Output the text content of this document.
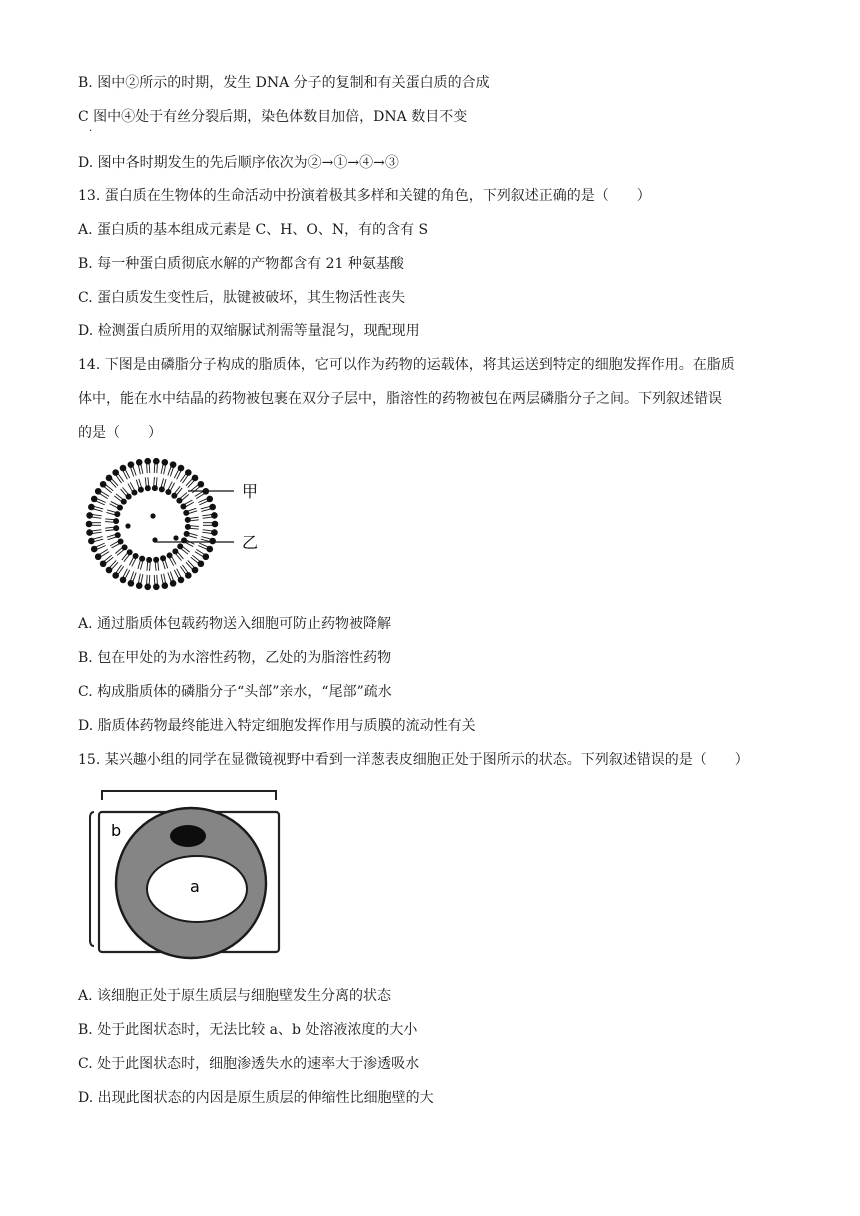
B. 图中②所示的时期，发生 DNA 分子的复制和有关蛋白质的合成
C 图中④处于有丝分裂后期，染色体数目加倍，DNA 数目不变
·
D. 图中各时期发生的先后顺序依次为②→①→④→③
13. 蛋白质在生物体的生命活动中扮演着极其多样和关键的角色，下列叙述正确的是（　　）
A. 蛋白质的基本组成元素是 C、H、O、N，有的含有 S
B. 每一种蛋白质彻底水解的产物都含有 21 种氨基酸
C. 蛋白质发生变性后，肽键被破坏，其生物活性丧失
D. 检测蛋白质所用的双缩脲试剂需等量混匀，现配现用
14. 下图是由磷脂分子构成的脂质体，它可以作为药物的运载体，将其运送到特定的细胞发挥作用。在脂质
体中，能在水中结晶的药物被包裹在双分子层中，脂溶性的药物被包在两层磷脂分子之间。下列叙述错误
的是（　　）
甲
乙
A. 通过脂质体包载药物送入细胞可防止药物被降解
B. 包在甲处的为水溶性药物，乙处的为脂溶性药物
C. 构成脂质体的磷脂分子“头部”亲水，“尾部”疏水
D. 脂质体药物最终能进入特定细胞发挥作用与质膜的流动性有关
15. 某兴趣小组的同学在显微镜视野中看到一洋葱表皮细胞正处于图所示的状态。下列叙述错误的是（　　）
b
a
A. 该细胞正处于原生质层与细胞壁发生分离的状态
B. 处于此图状态时，无法比较 a、b 处溶液浓度的大小
C. 处于此图状态时，细胞渗透失水的速率大于渗透吸水
D. 出现此图状态的内因是原生质层的伸缩性比细胞壁的大
